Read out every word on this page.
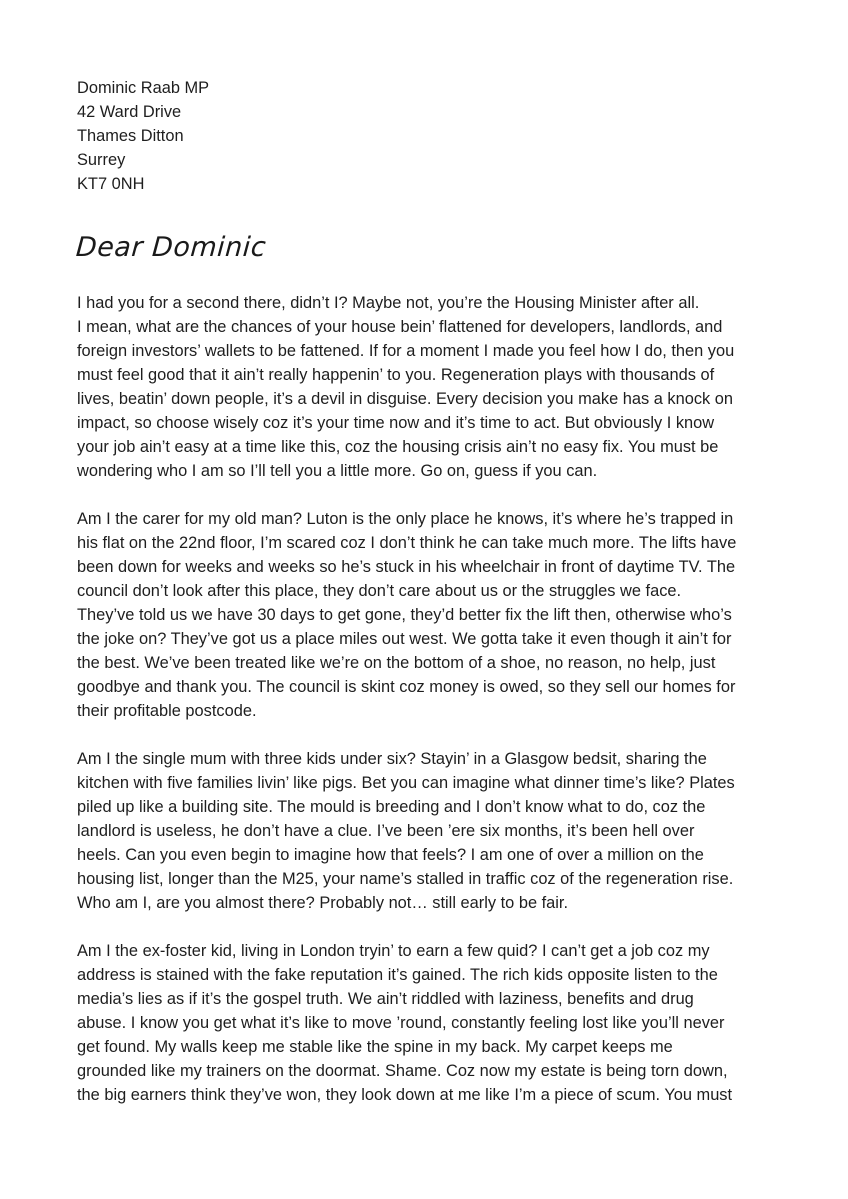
Dominic Raab MP
42 Ward Drive
Thames Ditton
Surrey
KT7 0NH
Dear Dominic
I had you for a second there, didn’t I? Maybe not, you’re the Housing Minister after all.
I mean, what are the chances of your house bein’ flattened for developers, landlords, and
foreign investors’ wallets to be fattened. If for a moment I made you feel how I do, then you
must feel good that it ain’t really happenin’ to you. Regeneration plays with thousands of
lives, beatin’ down people, it’s a devil in disguise. Every decision you make has a knock on
impact, so choose wisely coz it’s your time now and it’s time to act. But obviously I know
your job ain’t easy at a time like this, coz the housing crisis ain’t no easy fix. You must be
wondering who I am so I’ll tell you a little more. Go on, guess if you can.
Am I the carer for my old man? Luton is the only place he knows, it’s where he’s trapped in
his flat on the 22nd floor, I’m scared coz I don’t think he can take much more. The lifts have
been down for weeks and weeks so he’s stuck in his wheelchair in front of daytime TV. The
council don’t look after this place, they don’t care about us or the struggles we face.
They’ve told us we have 30 days to get gone, they’d better fix the lift then, otherwise who’s
the joke on? They’ve got us a place miles out west. We gotta take it even though it ain’t for
the best. We’ve been treated like we’re on the bottom of a shoe, no reason, no help, just
goodbye and thank you. The council is skint coz money is owed, so they sell our homes for
their profitable postcode.
Am I the single mum with three kids under six? Stayin’ in a Glasgow bedsit, sharing the
kitchen with five families livin’ like pigs. Bet you can imagine what dinner time’s like? Plates
piled up like a building site. The mould is breeding and I don’t know what to do, coz the
landlord is useless, he don’t have a clue. I’ve been ’ere six months, it’s been hell over
heels. Can you even begin to imagine how that feels? I am one of over a million on the
housing list, longer than the M25, your name’s stalled in traffic coz of the regeneration rise.
Who am I, are you almost there? Probably not… still early to be fair.
Am I the ex-foster kid, living in London tryin’ to earn a few quid? I can’t get a job coz my
address is stained with the fake reputation it’s gained. The rich kids opposite listen to the
media’s lies as if it’s the gospel truth. We ain’t riddled with laziness, benefits and drug
abuse. I know you get what it’s like to move ’round, constantly feeling lost like you’ll never
get found. My walls keep me stable like the spine in my back. My carpet keeps me
grounded like my trainers on the doormat. Shame. Coz now my estate is being torn down,
the big earners think they’ve won, they look down at me like I’m a piece of scum. You must
